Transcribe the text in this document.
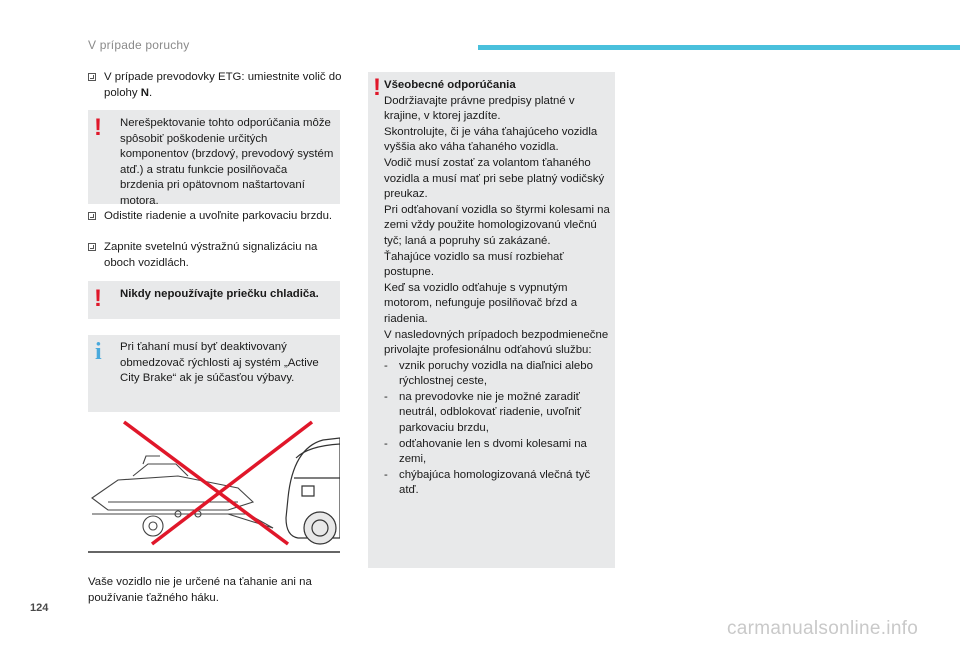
V prípade poruchy
V prípade prevodovky ETG: umiestnite volič do polohy N.
! Nerešpektovanie tohto odporúčania môže spôsobiť poškodenie určitých komponentov (brzdový, prevodový systém atď.) a stratu funkcie posilňovača brzdenia pri opätovnom naštartovaní motora.
Odistite riadenie a uvoľnite parkovaciu brzdu.
Zapnite svetelnú výstražnú signalizáciu na oboch vozidlách.
! Nikdy nepoužívajte priečku chladiča.
i Pri ťahaní musí byť deaktivovaný obmedzovač rýchlosti aj systém „Active City Brake“ ak je súčasťou výbavy.
Vaše vozidlo nie je určené na ťahanie ani na používanie ťažného háku.
! Všeobecné odporúčania
Dodržiavajte právne predpisy platné v krajine, v ktorej jazdíte.
Skontrolujte, či je váha ťahajúceho vozidla vyššia ako váha ťahaného vozidla.
Vodič musí zostať za volantom ťahaného vozidla a musí mať pri sebe platný vodičský preukaz.
Pri odťahovaní vozidla so štyrmi kolesami na zemi vždy použite homologizovanú vlečnú tyč; laná a popruhy sú zakázané.
Ťahajúce vozidlo sa musí rozbiehať postupne.
Keď sa vozidlo odťahuje s vypnutým motorom, nefunguje posilňovač bŕzd a riadenia.
V nasledovných prípadoch bezpodmienečne privolajte profesionálnu odťahovú službu:
- vznik poruchy vozidla na diaľnici alebo rýchlostnej ceste,
- na prevodovke nie je možné zaradiť neutrál, odblokovať riadenie, uvoľniť parkovaciu brzdu,
- odťahovanie len s dvomi kolesami na zemi,
- chýbajúca homologizovaná vlečná tyč atď.
124
carmanualsonline.info
